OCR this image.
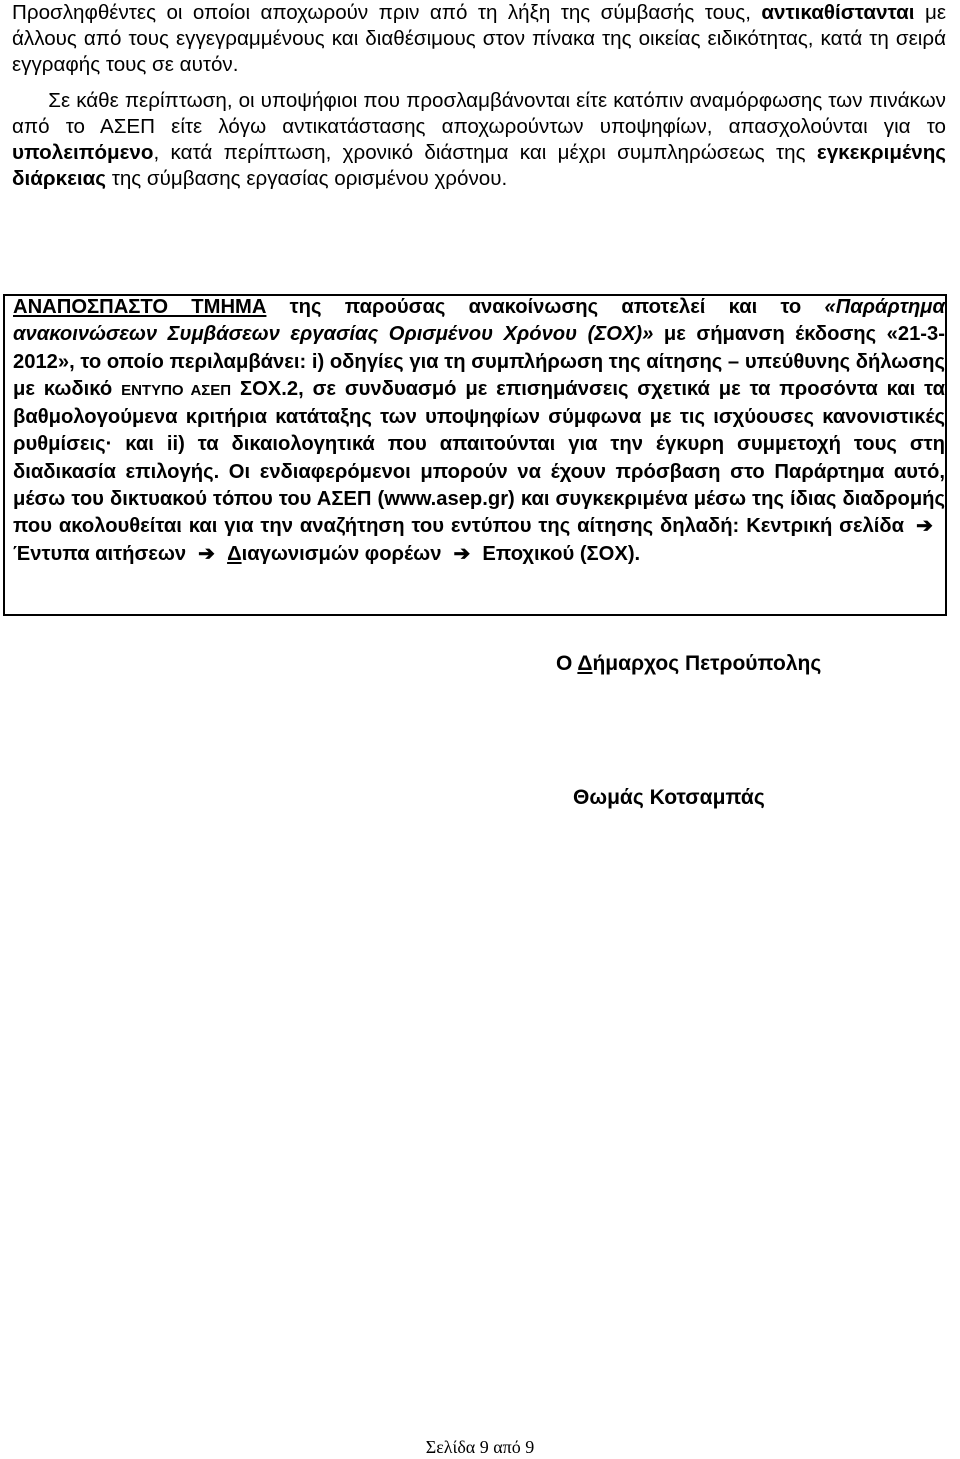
Προσληφθέντες οι οποίοι αποχωρούν πριν από τη λήξη της σύμβασής τους, αντικαθίστανται με άλλους από τους εγγεγραμμένους και διαθέσιμους στον πίνακα της οικείας ειδικότητας, κατά τη σειρά εγγραφής τους σε αυτόν.
Σε κάθε περίπτωση, οι υποψήφιοι που προσλαμβάνονται είτε κατόπιν αναμόρφωσης των πινάκων από το ΑΣΕΠ είτε λόγω αντικατάστασης αποχωρούντων υποψηφίων, απασχολούνται για το υπολειπόμενο, κατά περίπτωση, χρονικό διάστημα και μέχρι συμπληρώσεως της εγκεκριμένης διάρκειας της σύμβασης εργασίας ορισμένου χρόνου.
ΑΝΑΠΟΣΠΑΣΤΟ ΤΜΗΜΑ της παρούσας ανακοίνωσης αποτελεί και το «Παράρτημα ανακοινώσεων Συμβάσεων εργασίας Ορισμένου Χρόνου (ΣΟΧ)» με σήμανση έκδοσης «21-3-2012», το οποίο περιλαμβάνει: i) οδηγίες για τη συμπλήρωση της αίτησης – υπεύθυνης δήλωσης με κωδικό ΕΝΤΥΠΟ ΑΣΕΠ ΣΟΧ.2, σε συνδυασμό με επισημάνσεις σχετικά με τα προσόντα και τα βαθμολογούμενα κριτήρια κατάταξης των υποψηφίων σύμφωνα με τις ισχύουσες κανονιστικές ρυθμίσεις· και ii) τα δικαιολογητικά που απαιτούνται για την έγκυρη συμμετοχή τους στη διαδικασία επιλογής. Οι ενδιαφερόμενοι μπορούν να έχουν πρόσβαση στο Παράρτημα αυτό, μέσω του δικτυακού τόπου του ΑΣΕΠ (www.asep.gr) και συγκεκριμένα μέσω της ίδιας διαδρομής που ακολουθείται και για την αναζήτηση του εντύπου της αίτησης δηλαδή: Κεντρική σελίδα ➔Έντυπα αιτήσεων ➔ Διαγωνισμών φορέων ➔ Εποχικού (ΣΟΧ).
Ο Δήμαρχος Πετρούπολης
Θωμάς Κοτσαμπάς
Σελίδα 9 από 9
